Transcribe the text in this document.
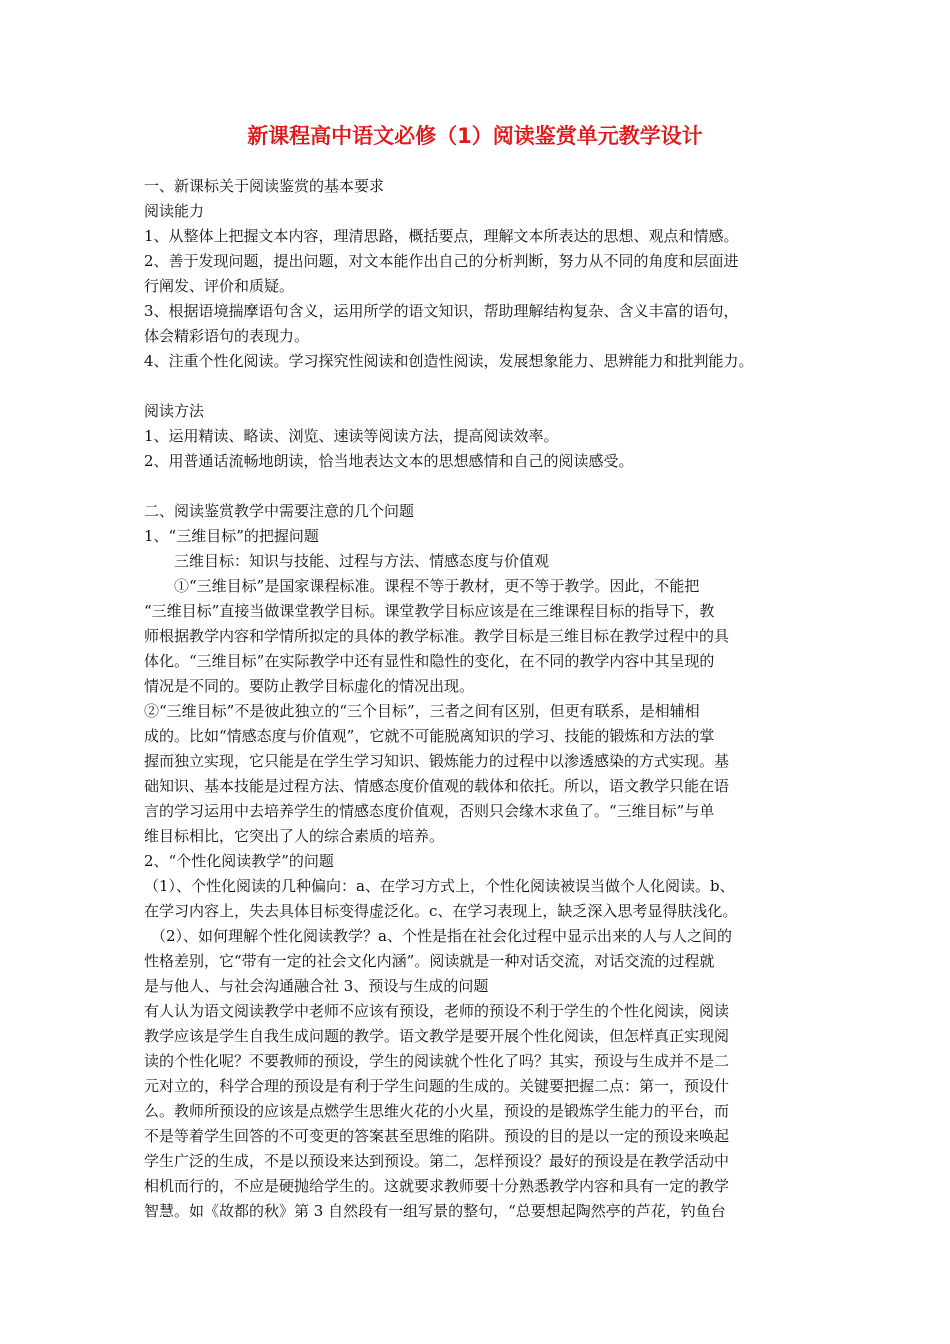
新课程高中语文必修（1）阅读鉴赏单元教学设计
一、新课标关于阅读鉴赏的基本要求
阅读能力
1、从整体上把握文本内容，理清思路，概括要点，理解文本所表达的思想、观点和情感。
2、善于发现问题，提出问题，对文本能作出自己的分析判断，努力从不同的角度和层面进
行阐发、评价和质疑。
3、根据语境揣摩语句含义，运用所学的语文知识，帮助理解结构复杂、含义丰富的语句，
体会精彩语句的表现力。
4、注重个性化阅读。学习探究性阅读和创造性阅读，发展想象能力、思辨能力和批判能力。
阅读方法
1、运用精读、略读、浏览、速读等阅读方法，提高阅读效率。
2、用普通话流畅地朗读，恰当地表达文本的思想感情和自己的阅读感受。
二、阅读鉴赏教学中需要注意的几个问题
1、“三维目标”的把握问题
三维目标：知识与技能、过程与方法、情感态度与价值观
①“三维目标”是国家课程标准。课程不等于教材，更不等于教学。因此，不能把
“三维目标”直接当做课堂教学目标。课堂教学目标应该是在三维课程目标的指导下，教
师根据教学内容和学情所拟定的具体的教学标准。教学目标是三维目标在教学过程中的具
体化。“三维目标”在实际教学中还有显性和隐性的变化，在不同的教学内容中其呈现的
情况是不同的。要防止教学目标虚化的情况出现。
②“三维目标”不是彼此独立的“三个目标”，三者之间有区别，但更有联系，是相辅相
成的。比如“情感态度与价值观”，它就不可能脱离知识的学习、技能的锻炼和方法的掌
握而独立实现，它只能是在学生学习知识、锻炼能力的过程中以渗透感染的方式实现。基
础知识、基本技能是过程方法、情感态度价值观的载体和依托。所以，语文教学只能在语
言的学习运用中去培养学生的情感态度价值观，否则只会缘木求鱼了。“三维目标”与单
维目标相比，它突出了人的综合素质的培养。
2、“个性化阅读教学”的问题
（1）、个性化阅读的几种偏向：a、在学习方式上，个性化阅读被误当做个人化阅读。b、
在学习内容上，失去具体目标变得虚泛化。c、在学习表现上，缺乏深入思考显得肤浅化。
（2）、如何理解个性化阅读教学？a、个性是指在社会化过程中显示出来的人与人之间的
性格差别，它“带有一定的社会文化内涵”。阅读就是一种对话交流，对话交流的过程就
是与他人、与社会沟通融合社 3、预设与生成的问题
有人认为语文阅读教学中老师不应该有预设，老师的预设不利于学生的个性化阅读，阅读
教学应该是学生自我生成问题的教学。语文教学是要开展个性化阅读，但怎样真正实现阅
读的个性化呢？不要教师的预设，学生的阅读就个性化了吗？其实，预设与生成并不是二
元对立的，科学合理的预设是有利于学生问题的生成的。关键要把握二点：第一，预设什
么。教师所预设的应该是点燃学生思维火花的小火星，预设的是锻炼学生能力的平台，而
不是等着学生回答的不可变更的答案甚至思维的陷阱。预设的目的是以一定的预设来唤起
学生广泛的生成，不是以预设来达到预设。第二，怎样预设？最好的预设是在教学活动中
相机而行的，不应是硬抛给学生的。这就要求教师要十分熟悉教学内容和具有一定的教学
智慧。如《故都的秋》第 3 自然段有一组写景的整句，“总要想起陶然亭的芦花，钓鱼台
